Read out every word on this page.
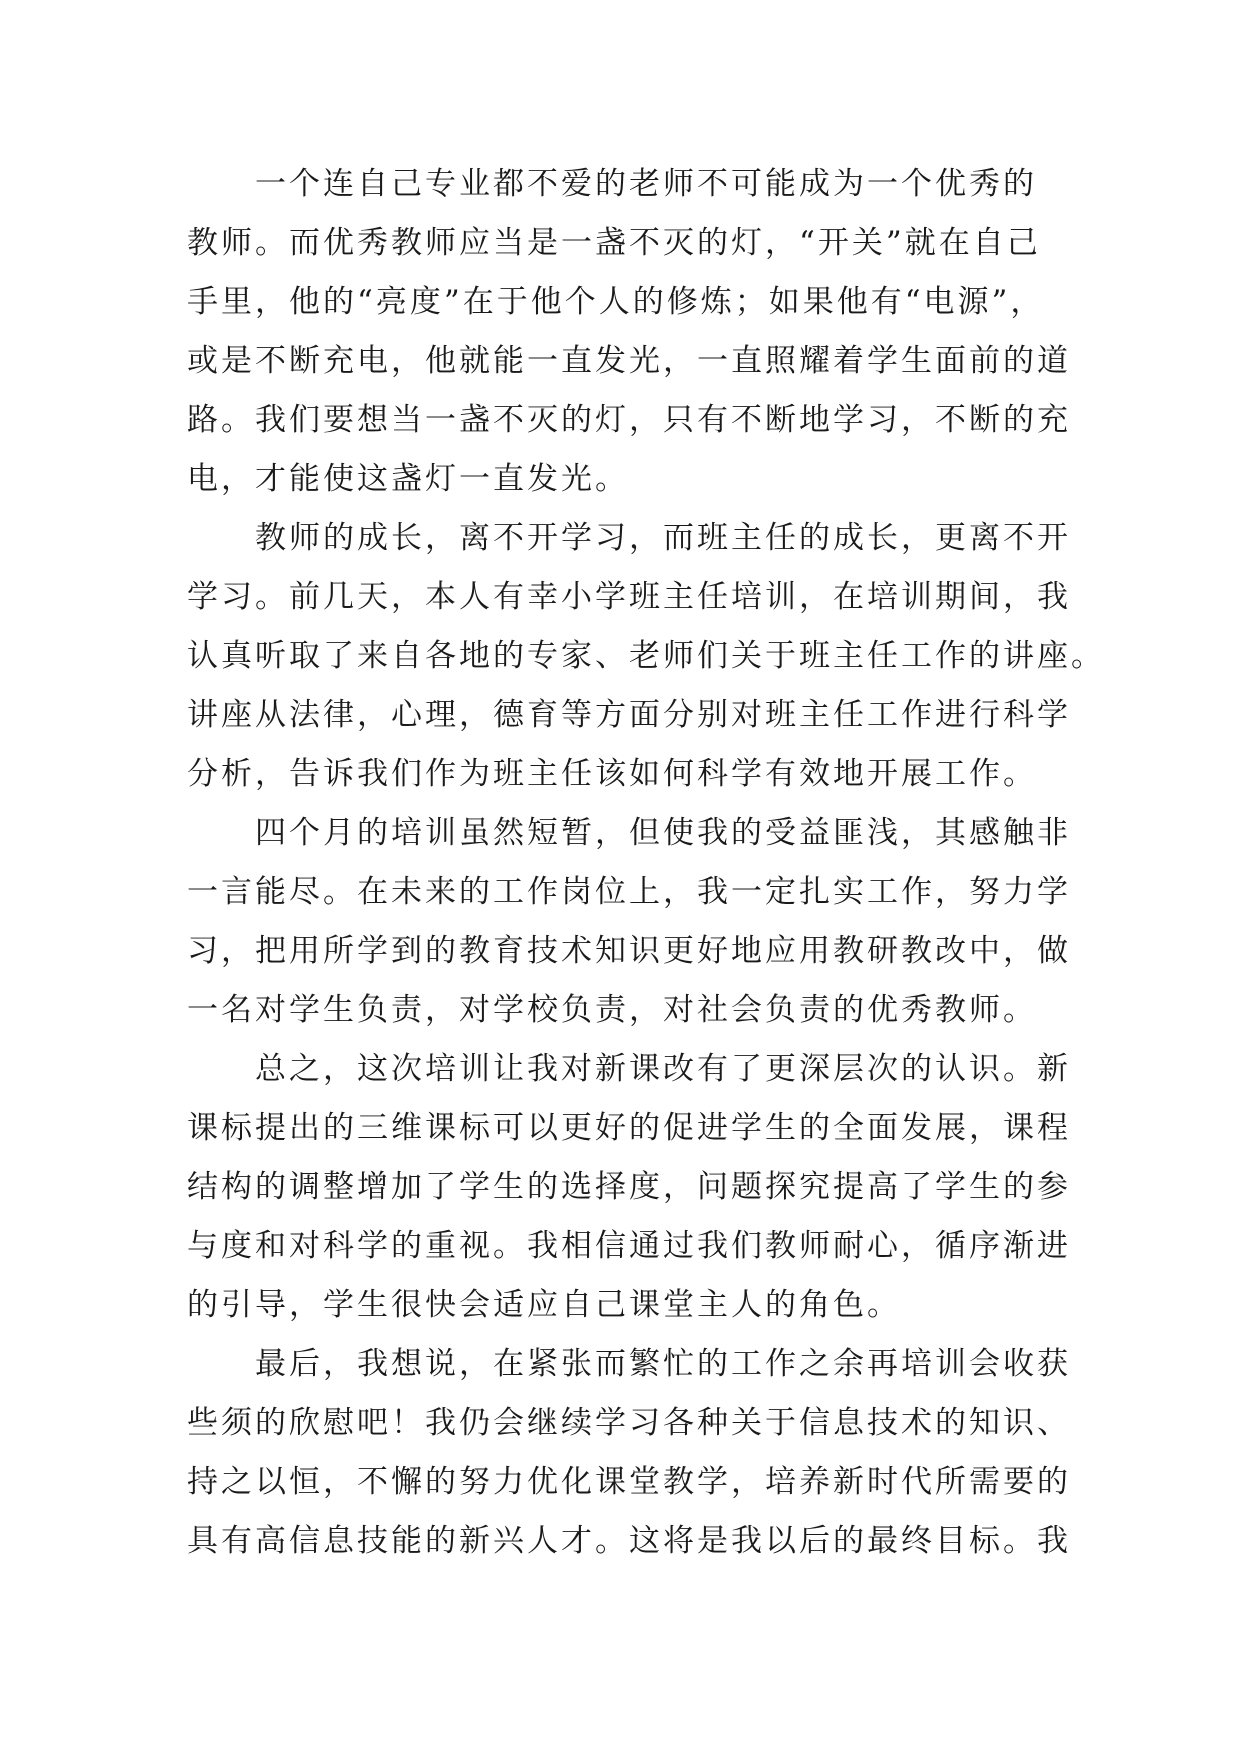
一个连自己专业都不爱的老师不可能成为一个优秀的
教师。而优秀教师应当是一盏不灭的灯，“开关”就在自己
手里，他的“亮度”在于他个人的修炼；如果他有“电源”，
或是不断充电，他就能一直发光，一直照耀着学生面前的道
路。我们要想当一盏不灭的灯，只有不断地学习，不断的充
电，才能使这盏灯一直发光。
教师的成长，离不开学习，而班主任的成长，更离不开
学习。前几天，本人有幸小学班主任培训，在培训期间，我
认真听取了来自各地的专家、老师们关于班主任工作的讲座。
讲座从法律，心理，德育等方面分别对班主任工作进行科学
分析，告诉我们作为班主任该如何科学有效地开展工作。
四个月的培训虽然短暂，但使我的受益匪浅，其感触非
一言能尽。在未来的工作岗位上，我一定扎实工作，努力学
习，把用所学到的教育技术知识更好地应用教研教改中，做
一名对学生负责，对学校负责，对社会负责的优秀教师。
总之，这次培训让我对新课改有了更深层次的认识。新
课标提出的三维课标可以更好的促进学生的全面发展，课程
结构的调整增加了学生的选择度，问题探究提高了学生的参
与度和对科学的重视。我相信通过我们教师耐心，循序渐进
的引导，学生很快会适应自己课堂主人的角色。
最后，我想说，在紧张而繁忙的工作之余再培训会收获
些须的欣慰吧！我仍会继续学习各种关于信息技术的知识、
持之以恒，不懈的努力优化课堂教学，培养新时代所需要的
具有高信息技能的新兴人才。这将是我以后的最终目标。我
